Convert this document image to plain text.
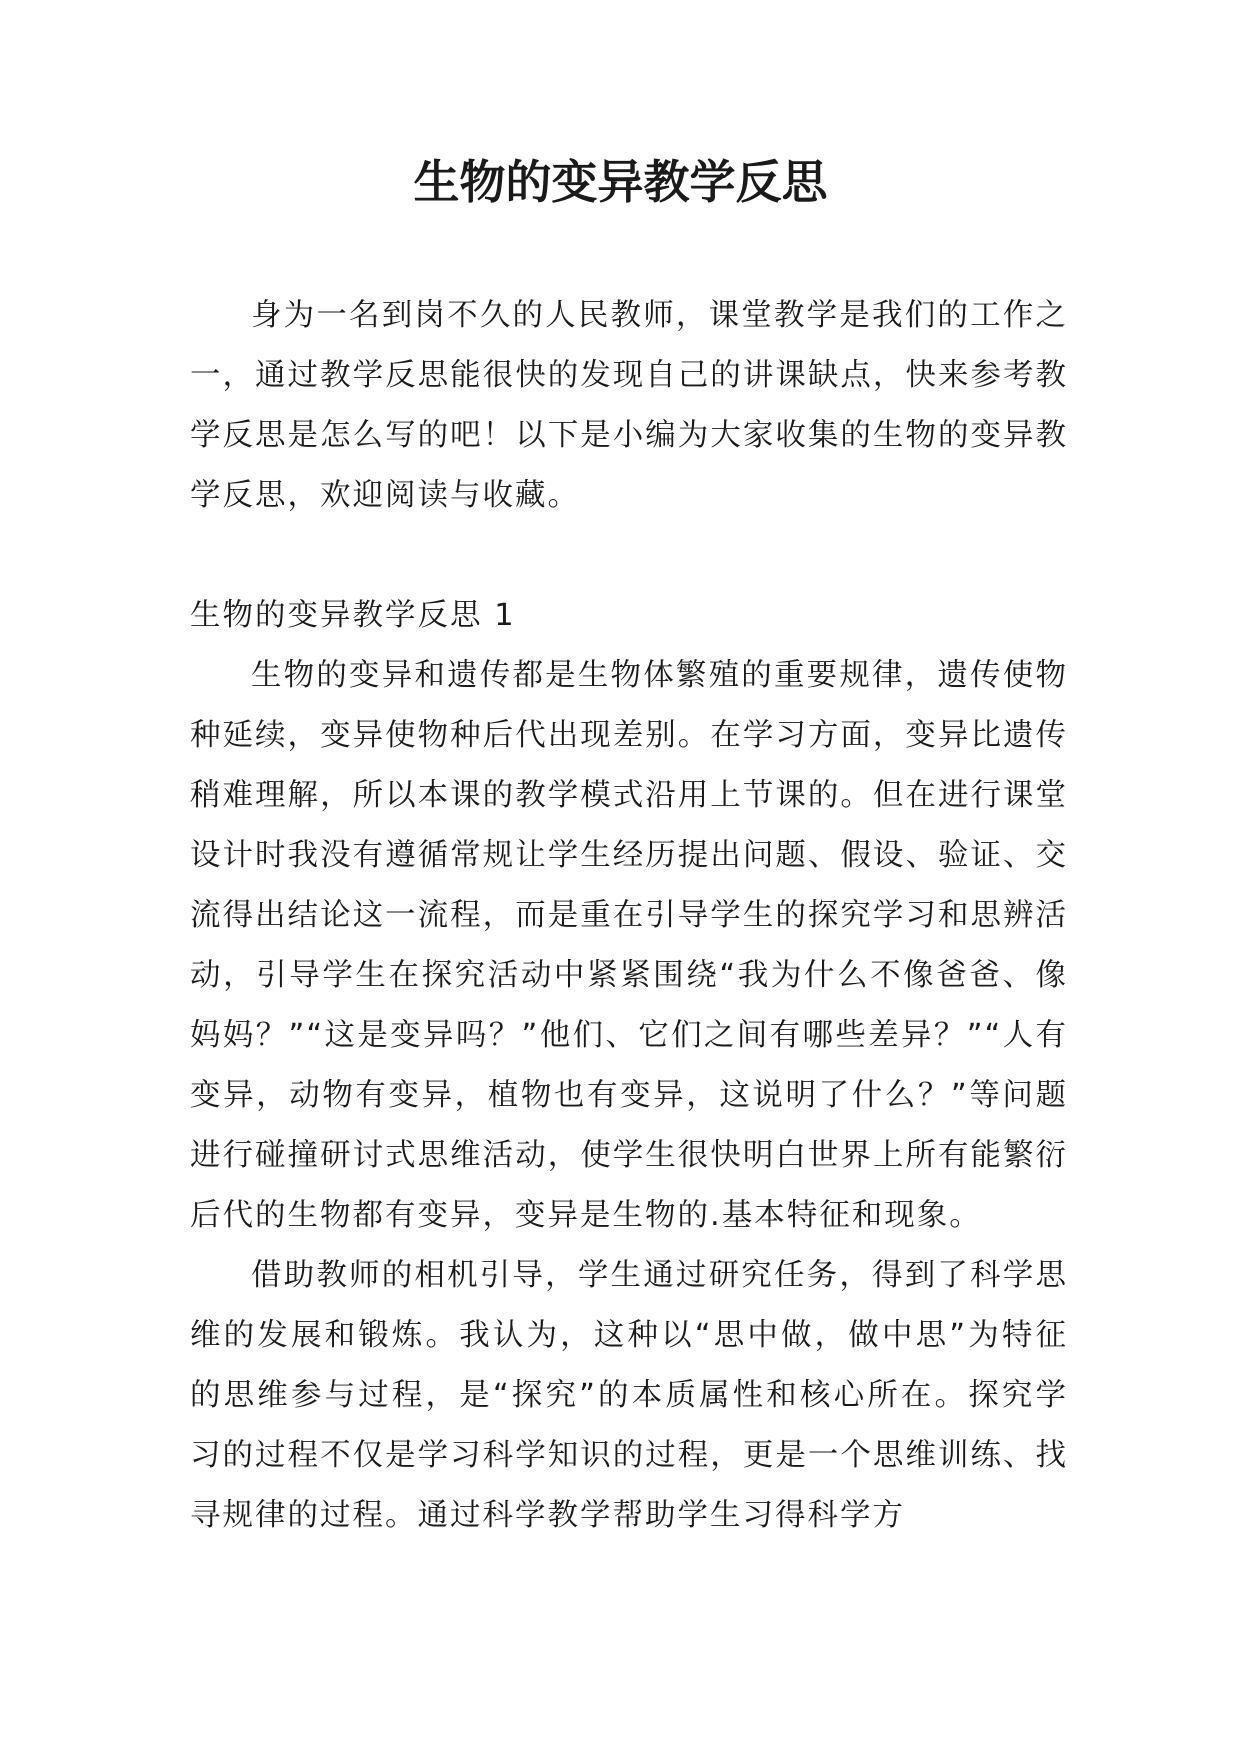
生物的变异教学反思

身为一名到岗不久的人民教师，课堂教学是我们的工作之一，通过教学反思能很快的发现自己的讲课缺点，快来参考教学反思是怎么写的吧！以下是小编为大家收集的生物的变异教学反思，欢迎阅读与收藏。

生物的变异教学反思 1

生物的变异和遗传都是生物体繁殖的重要规律，遗传使物种延续，变异使物种后代出现差别。在学习方面，变异比遗传稍难理解，所以本课的教学模式沿用上节课的。但在进行课堂设计时我没有遵循常规让学生经历提出问题、假设、验证、交流得出结论这一流程，而是重在引导学生的探究学习和思辨活动，引导学生在探究活动中紧紧围绕“我为什么不像爸爸、像妈妈？”“这是变异吗？”他们、它们之间有哪些差异？”“人有变异，动物有变异，植物也有变异，这说明了什么？”等问题进行碰撞研讨式思维活动，使学生很快明白世界上所有能繁衍后代的生物都有变异，变异是生物的.基本特征和现象。

借助教师的相机引导，学生通过研究任务，得到了科学思维的发展和锻炼。我认为，这种以“思中做，做中思”为特征的思维参与过程，是“探究”的本质属性和核心所在。探究学习的过程不仅是学习科学知识的过程，更是一个思维训练、找寻规律的过程。通过科学教学帮助学生习得科学方
